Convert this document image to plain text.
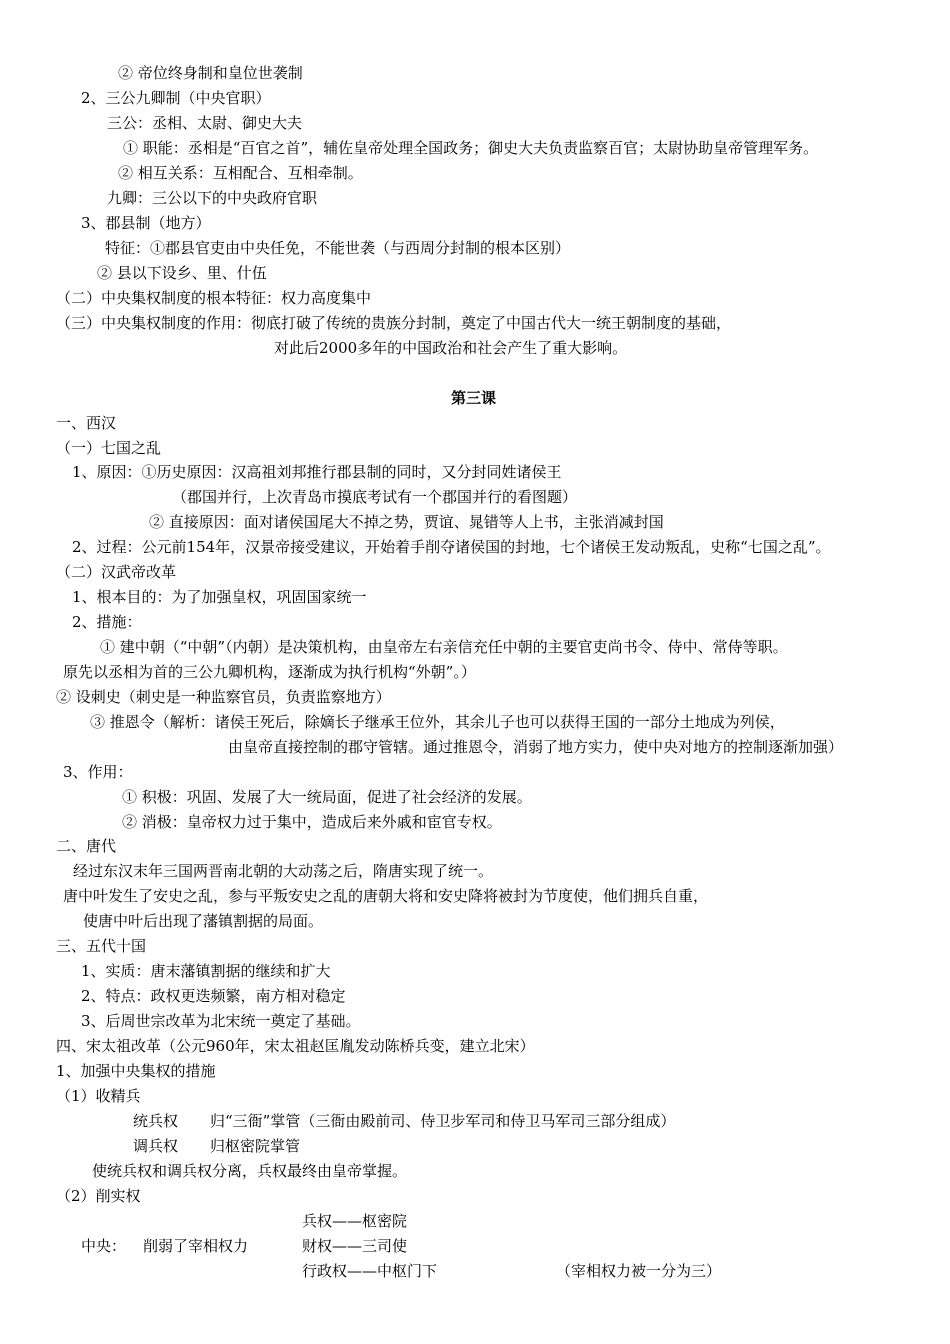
② 帝位终身制和皇位世袭制
2、三公九卿制（中央官职）
三公：丞相、太尉、御史大夫
① 职能：丞相是“百官之首”，辅佐皇帝处理全国政务；御史大夫负责监察百官；太尉协助皇帝管理军务。
② 相互关系：互相配合、互相牵制。
九卿：三公以下的中央政府官职
3、郡县制（地方）
特征：①郡县官吏由中央任免，不能世袭（与西周分封制的根本区别）
② 县以下设乡、里、什伍
（二）中央集权制度的根本特征：权力高度集中
（三）中央集权制度的作用：彻底打破了传统的贵族分封制，奠定了中国古代大一统王朝制度的基础，
对此后2000多年的中国政治和社会产生了重大影响。
第三课
一、西汉
（一）七国之乱
1、原因：①历史原因：汉高祖刘邦推行郡县制的同时，又分封同姓诸侯王
（郡国并行，上次青岛市摸底考试有一个郡国并行的看图题）
② 直接原因：面对诸侯国尾大不掉之势，贾谊、晁错等人上书，主张消减封国
2、过程：公元前154年，汉景帝接受建议，开始着手削夺诸侯国的封地，七个诸侯王发动叛乱，史称“七国之乱”。
（二）汉武帝改革
1、根本目的：为了加强皇权，巩固国家统一
2、措施：
① 建中朝（“中朝”（内朝）是决策机构，由皇帝左右亲信充任中朝的主要官吏尚书令、侍中、常侍等职。
原先以丞相为首的三公九卿机构，逐渐成为执行机构“外朝”。）
② 设刺史（刺史是一种监察官员，负责监察地方）
③ 推恩令（解析：诸侯王死后，除嫡长子继承王位外，其余儿子也可以获得王国的一部分土地成为列侯，
由皇帝直接控制的郡守管辖。通过推恩令，消弱了地方实力，使中央对地方的控制逐渐加强）
3、作用：
① 积极：巩固、发展了大一统局面，促进了社会经济的发展。
② 消极：皇帝权力过于集中，造成后来外戚和宦官专权。
二、唐代
经过东汉末年三国两晋南北朝的大动荡之后，隋唐实现了统一。
唐中叶发生了安史之乱，参与平叛安史之乱的唐朝大将和安史降将被封为节度使，他们拥兵自重，
使唐中叶后出现了藩镇割据的局面。
三、五代十国
1、实质：唐末藩镇割据的继续和扩大
2、特点：政权更迭频繁，南方相对稳定
3、后周世宗改革为北宋统一奠定了基础。
四、宋太祖改革（公元960年，宋太祖赵匡胤发动陈桥兵变，建立北宋）
1、加强中央集权的措施
（1）收精兵
统兵权 归“三衙”掌管（三衙由殿前司、侍卫步军司和侍卫马军司三部分组成）
调兵权 归枢密院掌管
使统兵权和调兵权分离，兵权最终由皇帝掌握。
（2）削实权
兵权——枢密院
中央： 削弱了宰相权力	财权——三司使
行政权——中枢门下	（宰相权力被一分为三）
